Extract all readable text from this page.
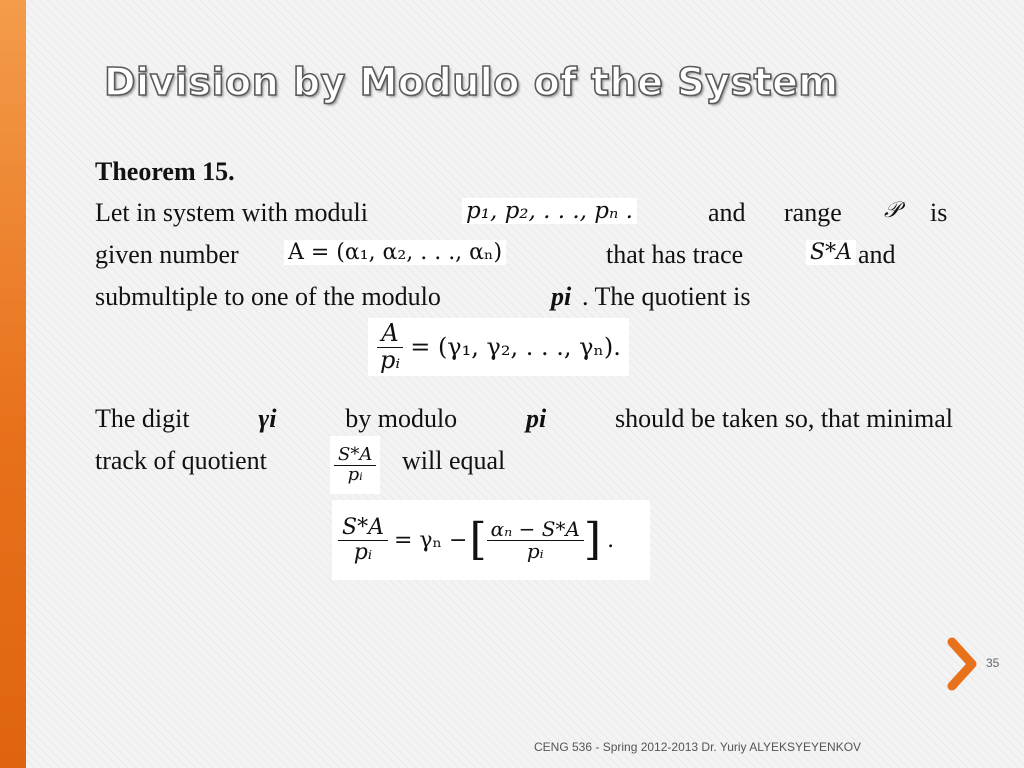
Division by Modulo of the System
Theorem 15.
Let in system with moduli	p₁, p₂, . . ., pₙ .	and range 𝒫 is
given number A = (α₁, α₂, . . ., αₙ)	that has trace	S*A and
submultiple to one of the modulo	pi . The quotient is
$\frac{A}{\text{pᵢ}} = (\gamma_1$, γ₂, . . ., γₙ).
The digit	γi	by modulo	pi	should be taken so, that minimal
track of quotient	$\frac{S*A}{\text{pᵢ}}$ will equal
$\frac{S*A}{\text{pᵢ}} = \gamma_n$ − [ $\frac{\text{αₙ − S*A}}{\text{pᵢ}}$ ] .
35
CENG 536 - Spring 2012-2013 Dr. Yuriy ALYEKSYEYENKOV
